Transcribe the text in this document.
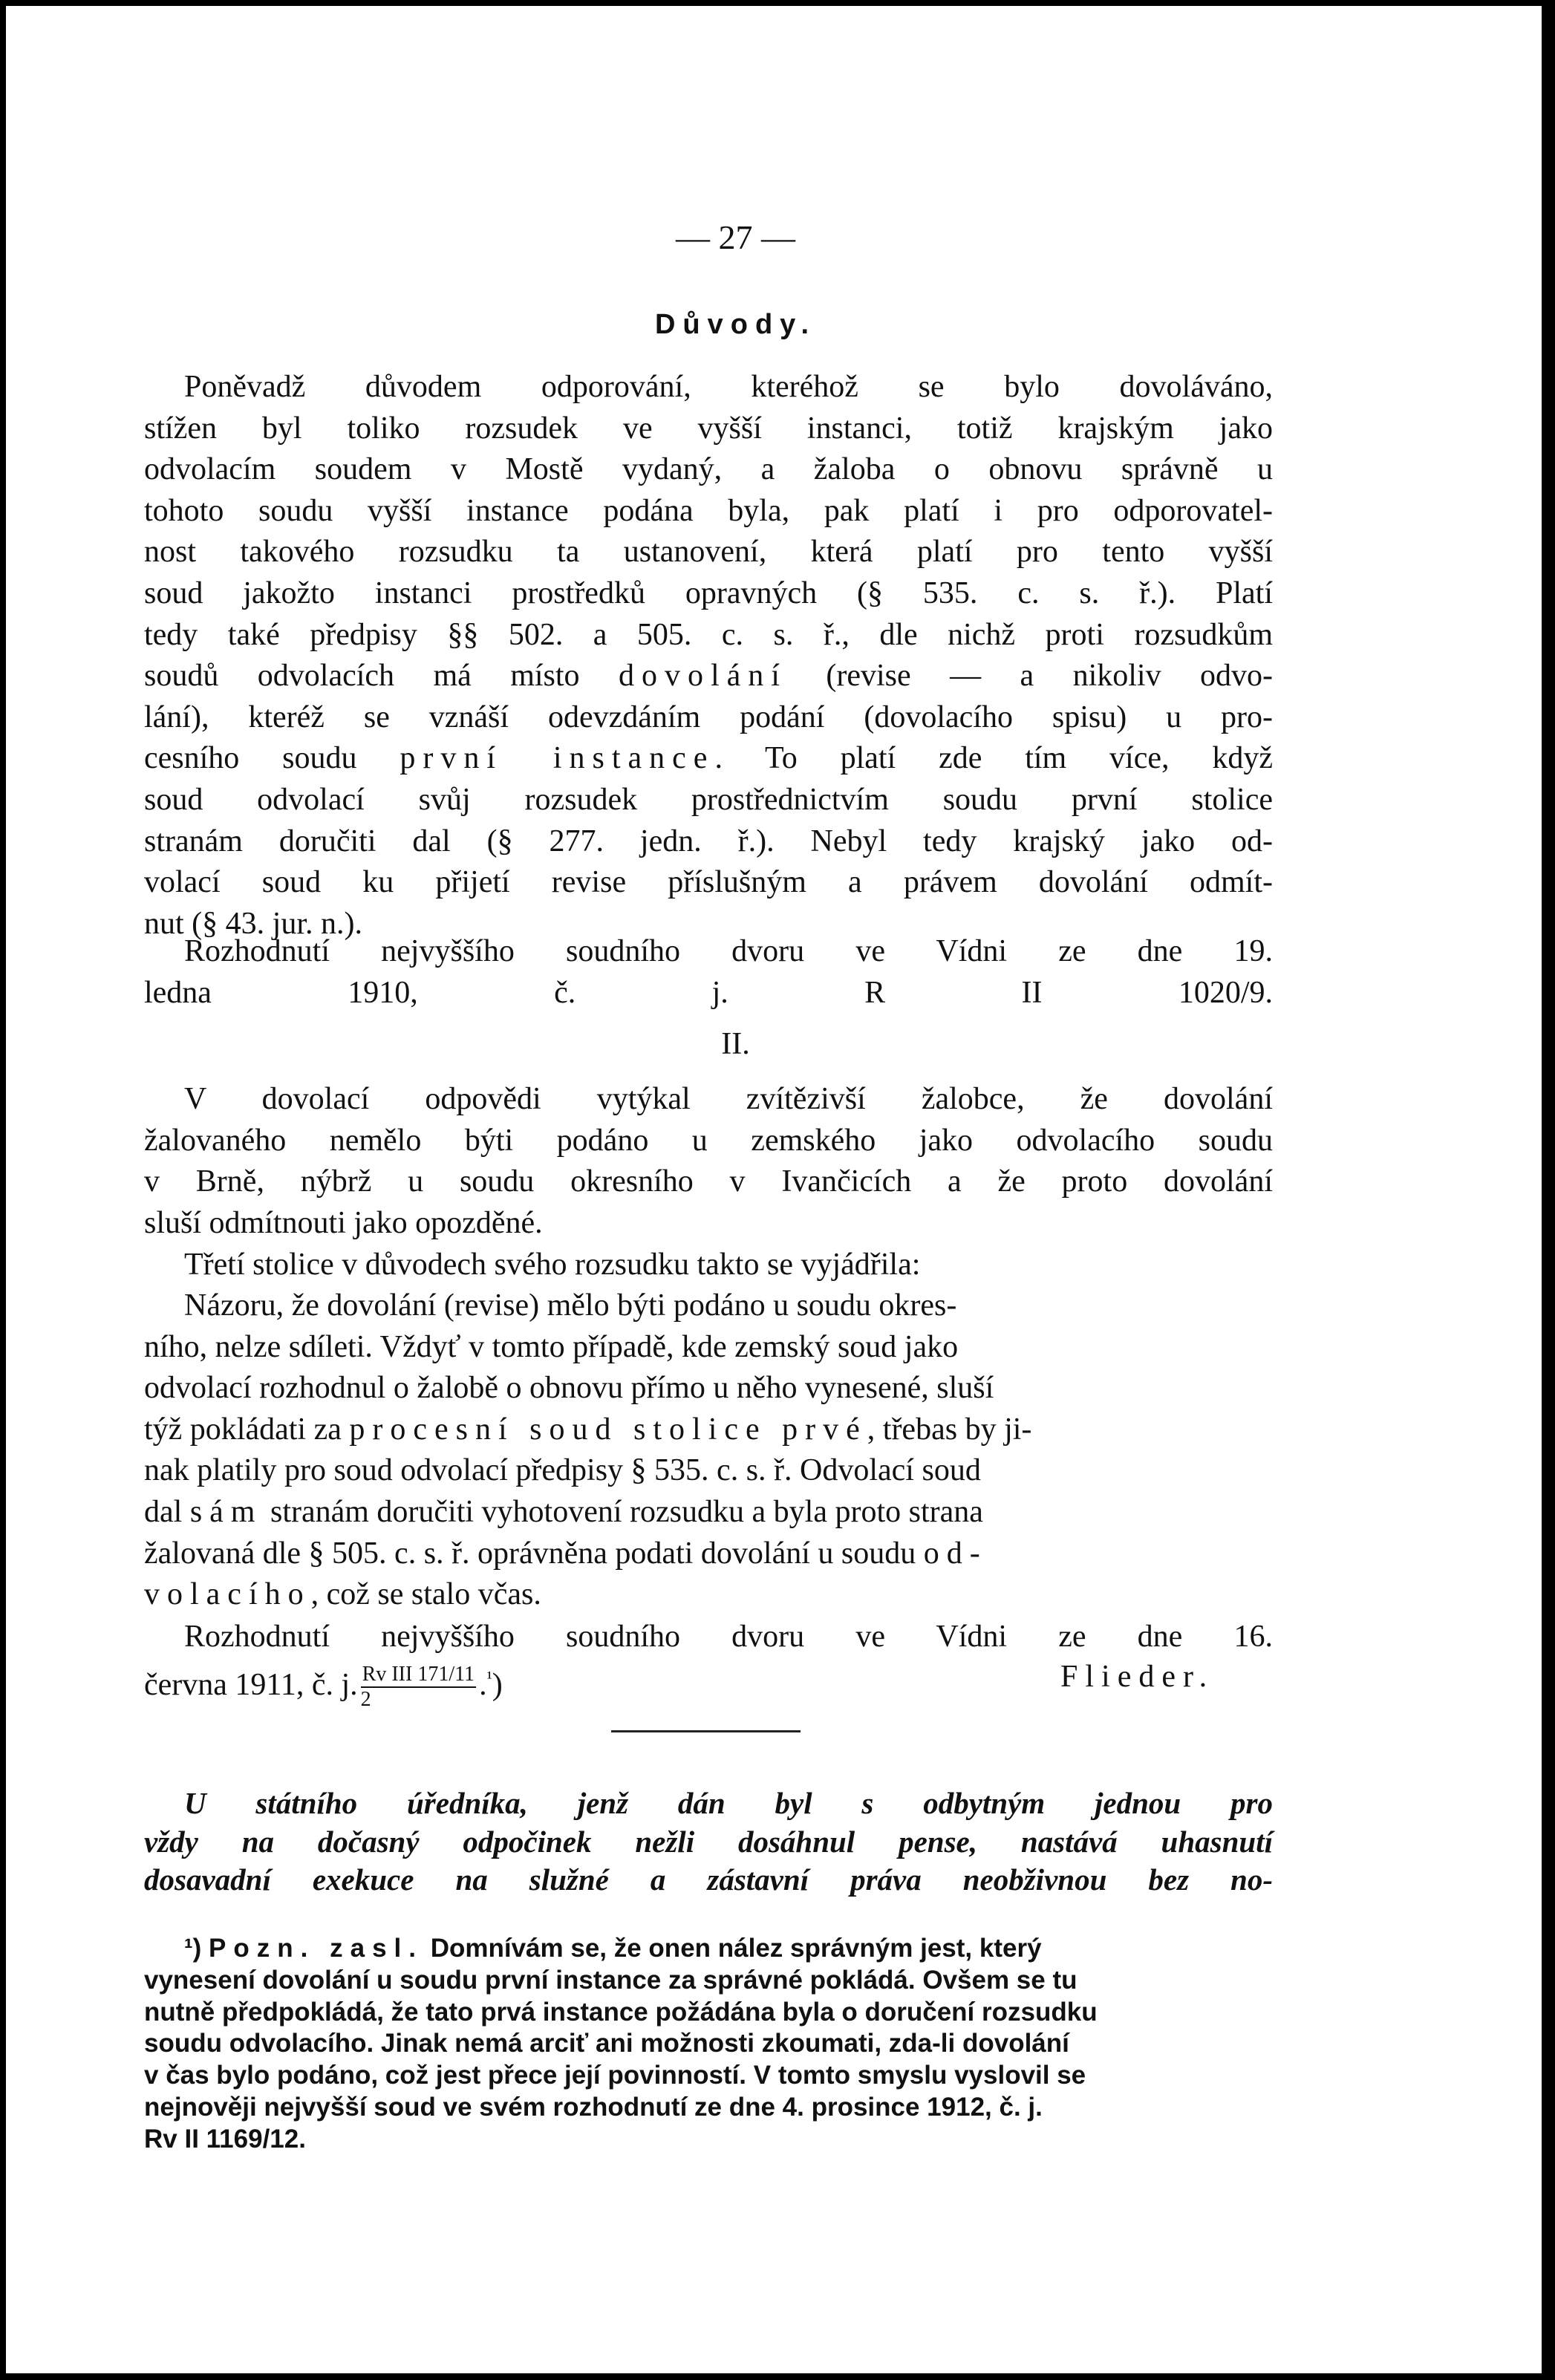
— 27 —
Důvody.
Poněvadž důvodem odporování, kteréhož se bylo dovoláváno,
stížen byl toliko rozsudek ve vyšší instanci, totiž krajským jako
odvolacím soudem v Mostě vydaný, a žaloba o obnovu správně u
tohoto soudu vyšší instance podána byla, pak platí i pro odporovatel-
nost takového rozsudku ta ustanovení, která platí pro tento vyšší
soud jakožto instanci prostředků opravných (§ 535. c. s. ř.). Platí
tedy také předpisy §§ 502. a 505. c. s. ř., dle nichž proti rozsudkům
soudů odvolacích má místo dovolání (revise — a nikoliv odvo-
lání), kteréž se vznáší odevzdáním podání (dovolacího spisu) u pro-
cesního soudu první instance. To platí zde tím více, když
soud odvolací svůj rozsudek prostřednictvím soudu první stolice
stranám doručiti dal (§ 277. jedn. ř.). Nebyl tedy krajský jako od-
volací soud ku přijetí revise příslušným a právem dovolání odmít-
nut (§ 43. jur. n.).
Rozhodnutí nejvyššího soudního dvoru ve Vídni ze dne 19.
ledna 1910, č. j. R II 1020/9.
II.
V dovolací odpovědi vytýkal zvítězivší žalobce, že dovolání
žalovaného nemělo býti podáno u zemského jako odvolacího soudu
v Brně, nýbrž u soudu okresního v Ivančicích a že proto dovolání
sluší odmítnouti jako opozděné.
Třetí stolice v důvodech svého rozsudku takto se vyjádřila:
Názoru, že dovolání (revise) mělo býti podáno u soudu okres-
ního, nelze sdíleti. Vždyť v tomto případě, kde zemský soud jako
odvolací rozhodnul o žalobě o obnovu přímo u něho vynesené, sluší
týž pokládati za procesní soud stolice prvé, třebas by ji-
nak platily pro soud odvolací předpisy § 535. c. s. ř. Odvolací soud
dal sám stranám doručiti vyhotovení rozsudku a byla proto strana
žalovaná dle § 505. c. s. ř. oprávněna podati dovolání u soudu od-
volacího, což se stalo včas.
Rozhodnutí nejvyššího soudního dvoru ve Vídni ze dne 16.
června 1911, č. j. $\frac{\text{Rv III 171/11}}{2} .^{^1}$)	Flieder.
U státního úředníka, jenž dán byl s odbytným jednou pro
vždy na dočasný odpočinek nežli dosáhnul pense, nastává uhasnutí
dosavadní exekuce na služné a zástavní práva neobživnou bez no-
¹) Pozn. zasl. Domnívám se, že onen nález správným jest, který
vynesení dovolání u soudu první instance za správné pokládá. Ovšem se tu
nutně předpokládá, že tato prvá instance požádána byla o doručení rozsudku
soudu odvolacího. Jinak nemá arciť ani možnosti zkoumati, zda-li dovolání
v čas bylo podáno, což jest přece její povinností. V tomto smyslu vyslovil se
nejnověji nejvyšší soud ve svém rozhodnutí ze dne 4. prosince 1912, č. j.
Rv II 1169/12.
